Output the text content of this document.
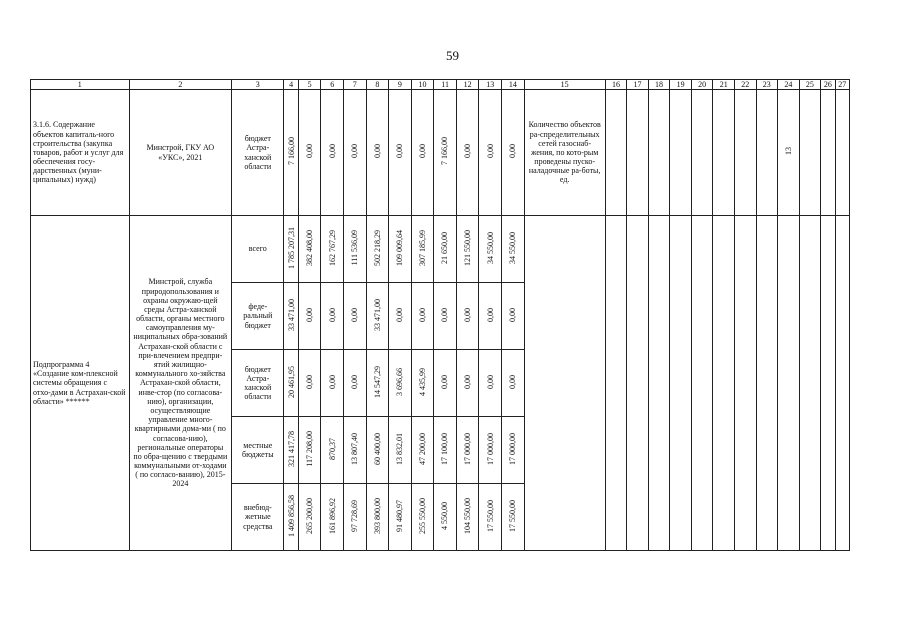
59
1	2	3	4	5	6	7	8	9	10	11	12	13	14	15	16	17	18	19	20	21	22	23	24	25	26	27
3.1.6. Содержание объектов капиталь-ного строительства (закупка товаров, работ и услуг для обеспечения госу-дарственных (муни-ципальных) нужд)	Минстрой, ГКУ АО «УКС», 2021	бюджет Астра-ханской области	7 166,00	0,00	0,00	0,00	0,00	0,00	0,00	7 166,00	0,00	0,00	0,00	Количество объектов ра-спределительных сетей газоснаб-жения, по кото-рым проведены пуско-наладочные ра-боты, ед.									13			
Подпрограмма 4 «Создание ком-плексной системы обращения с отхо-дами в Астрахан-ской области» ******	Минстрой, служба природопользования и охраны окружаю-щей среды Астра-ханской области, органы местного самоуправления му-ниципальных обра-зований Астрахан-ской области с при-влечением предпри-ятий жилищно-коммунального хо-зяйства Астрахан-ской области, инве-стор (по согласова-нию), организации, осуществляющие управление много-квартирными дома-ми ( по согласова-нию), региональные операторы по обра-щению с твердыми коммунальными от-ходами ( по согласо-ванию), 2015-2024	всего	1 785 207,31	382 408,00	162 767,29	111 536,09	502 218,29	109 009,64	307 185,99	21 650,00	121 550,00	34 550,00	34 550,00													
		феде-ральный бюджет	33 471,00	0,00	0,00	0,00	33 471,00	0,00	0,00	0,00	0,00	0,00	0,00													
		бюджет Астра-ханской области	20 461,95	0,00	0,00	0,00	14 547,29	3 696,66	4 435,99	0,00	0,00	0,00	0,00													
		местные бюджеты	321 417,78	117 208,00	870,37	13 807,40	60 400,00	13 832,01	47 200,00	17 100,00	17 000,00	17 000,00	17 000,00													
		внебюд-жетные средства	1 409 856,58	265 200,00	161 896,92	97 728,69	393 800,00	91 480,97	255 550,00	4 550,00	104 550,00	17 550,00	17 550,00													
